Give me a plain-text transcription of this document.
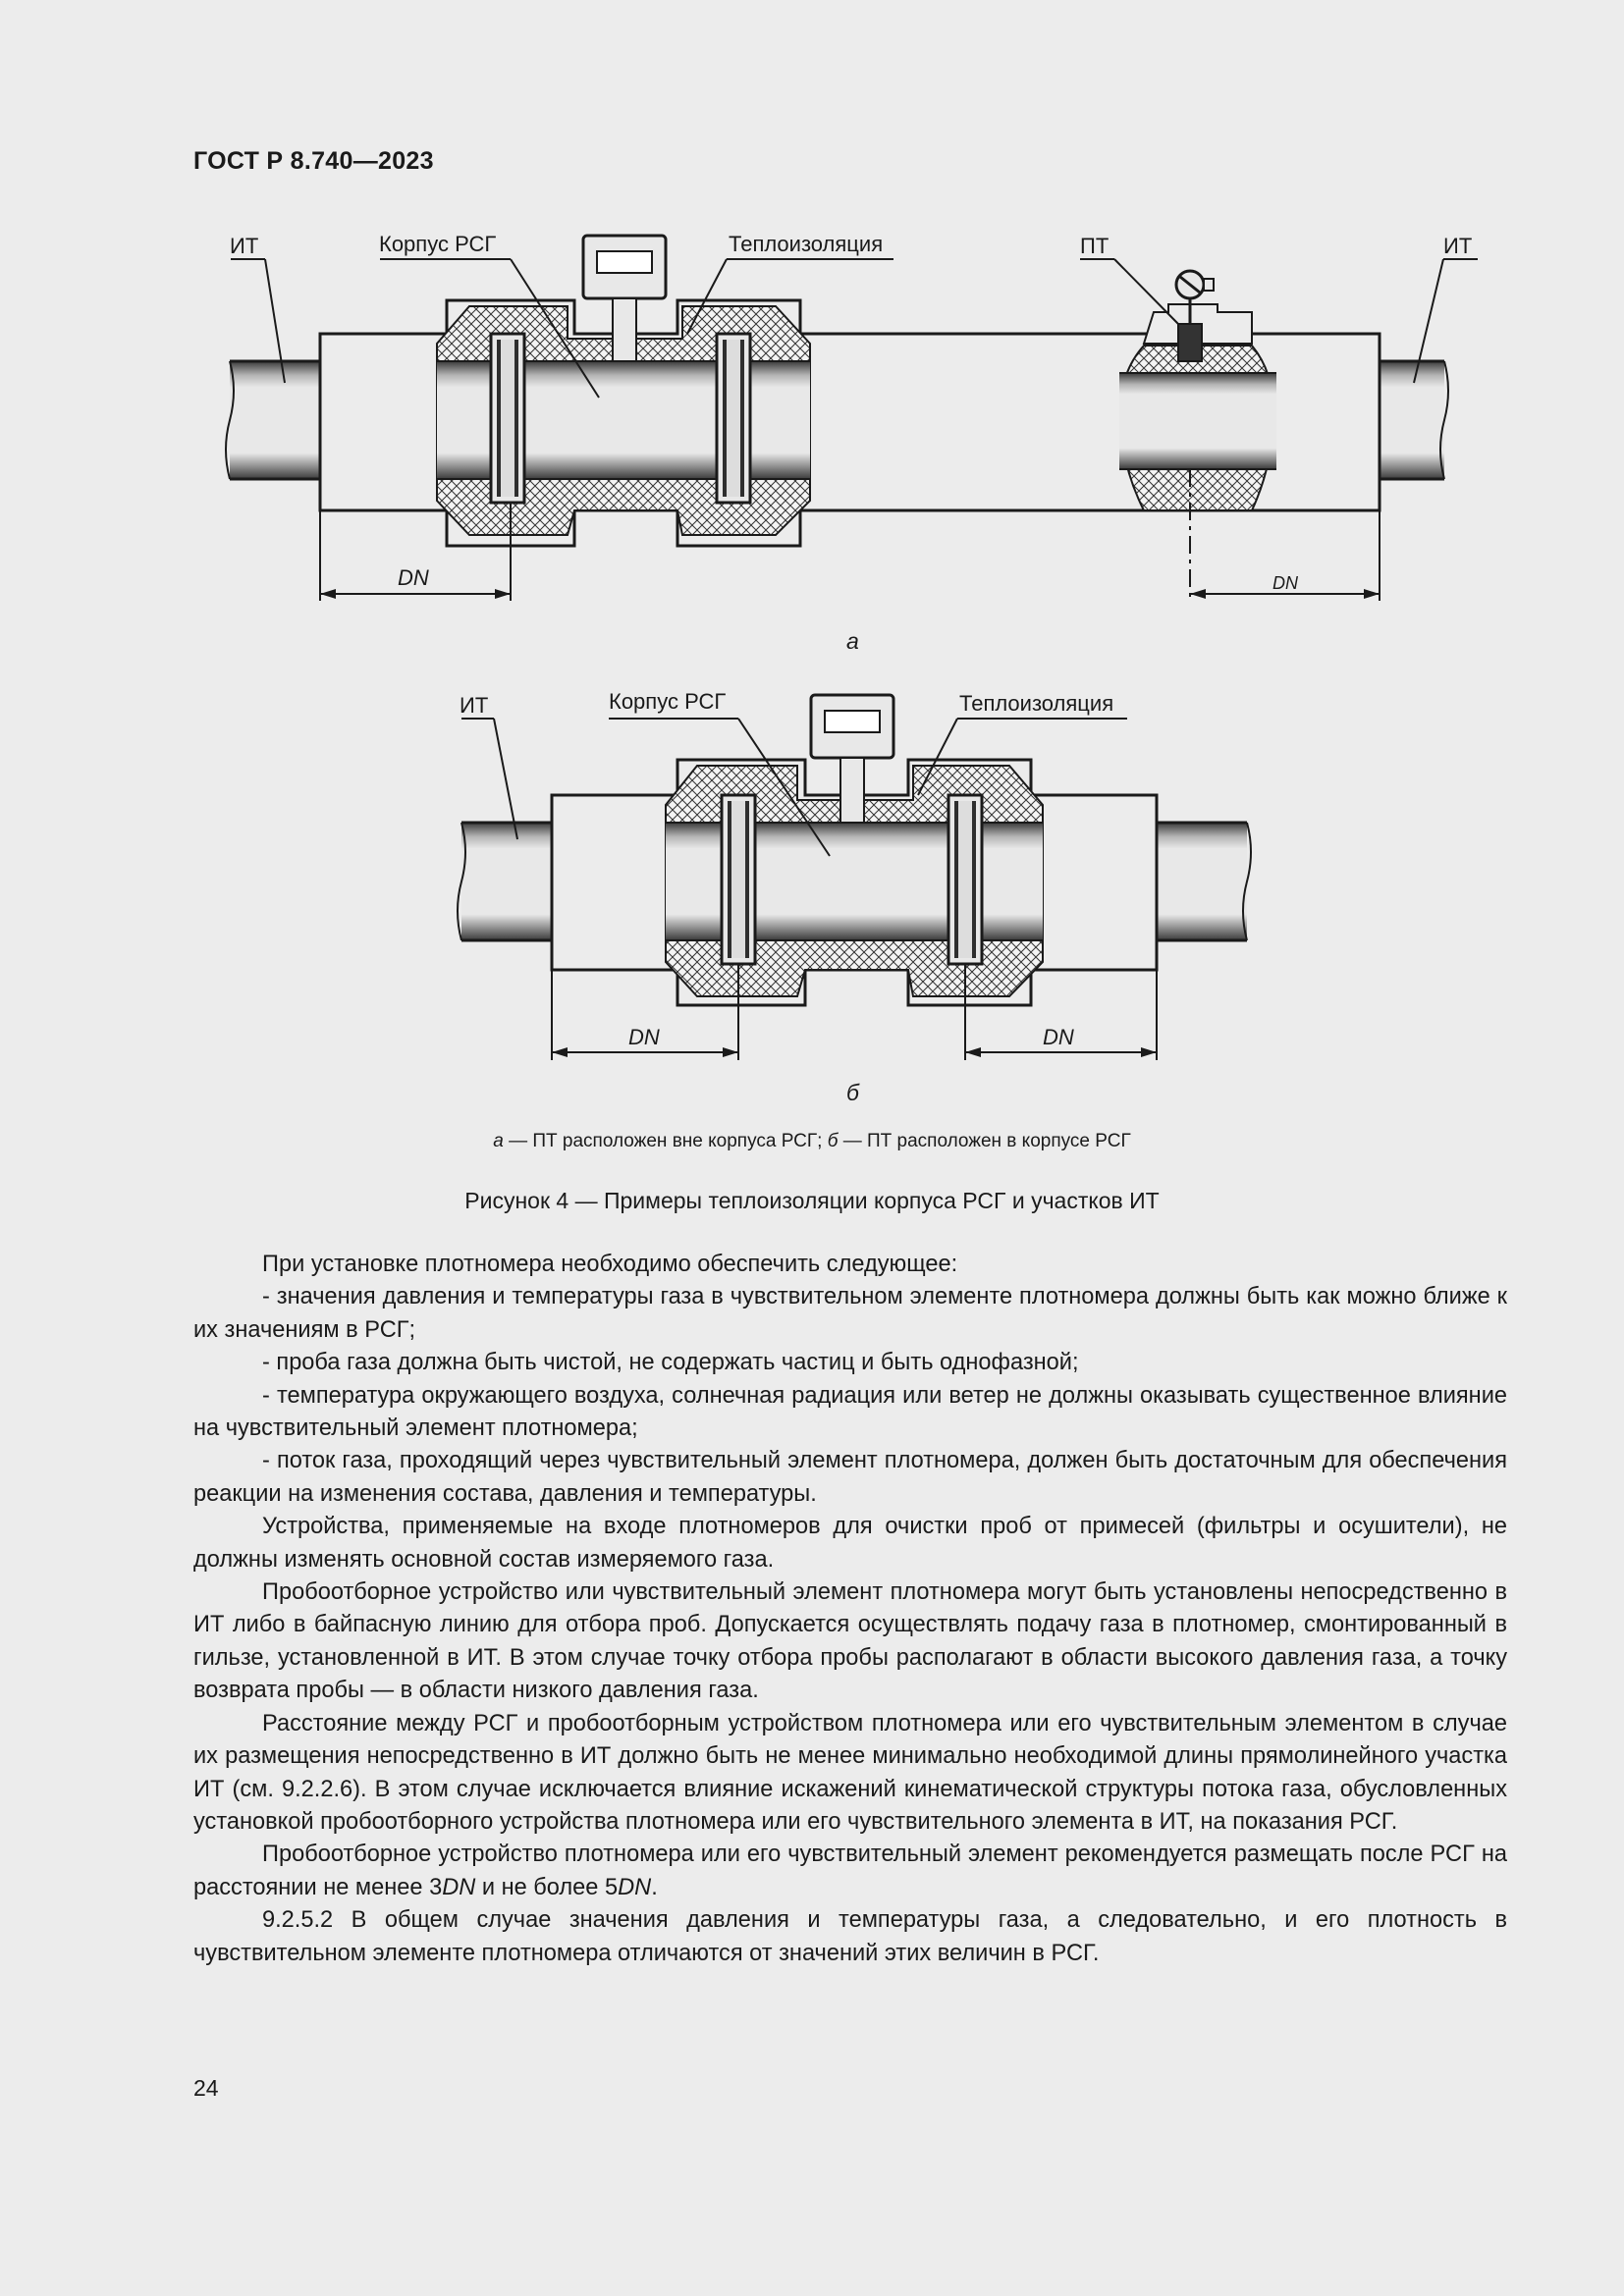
ГОСТ Р 8.740—2023
ИТ	Корпус РСГ	Теплоизоляция	ПТ	ИТ
DN	DN
ИТ	Корпус РСГ	Теплоизоляция
DN	DN
а
б
а — ПТ расположен вне корпуса РСГ; б — ПТ расположен в корпусе РСГ
Рисунок 4 — Примеры теплоизоляции корпуса РСГ и участков ИТ

При установке плотномера необходимо обеспечить следующее:

- значения давления и температуры газа в чувствительном элементе плотномера должны быть как можно ближе к их значениям в РСГ;

- проба газа должна быть чистой, не содержать частиц и быть однофазной;

- температура окружающего воздуха, солнечная радиация или ветер не должны оказывать существенное влияние на чувствительный элемент плотномера;

- поток газа, проходящий через чувствительный элемент плотномера, должен быть достаточным для обеспечения реакции на изменения состава, давления и температуры.

Устройства, применяемые на входе плотномеров для очистки проб от примесей (фильтры и осушители), не должны изменять основной состав измеряемого газа.

Пробоотборное устройство или чувствительный элемент плотномера могут быть установлены непосредственно в ИТ либо в байпасную линию для отбора проб. Допускается осуществлять подачу газа в плотномер, смонтированный в гильзе, установленной в ИТ. В этом случае точку отбора пробы располагают в области высокого давления газа, а точку возврата пробы — в области низкого давления газа.

Расстояние между РСГ и пробоотборным устройством плотномера или его чувствительным элементом в случае их размещения непосредственно в ИТ должно быть не менее минимально необходимой длины прямолинейного участка ИТ (см. 9.2.2.6). В этом случае исключается влияние искажений кинематической структуры потока газа, обусловленных установкой пробоотборного устройства плотномера или его чувствительного элемента в ИТ, на показания РСГ.

Пробоотборное устройство плотномера или его чувствительный элемент рекомендуется размещать после РСГ на расстоянии не менее 3DN и не более 5DN.

9.2.5.2 В общем случае значения давления и температуры газа, а следовательно, и его плотность в чувствительном элементе плотномера отличаются от значений этих величин в РСГ.

24
